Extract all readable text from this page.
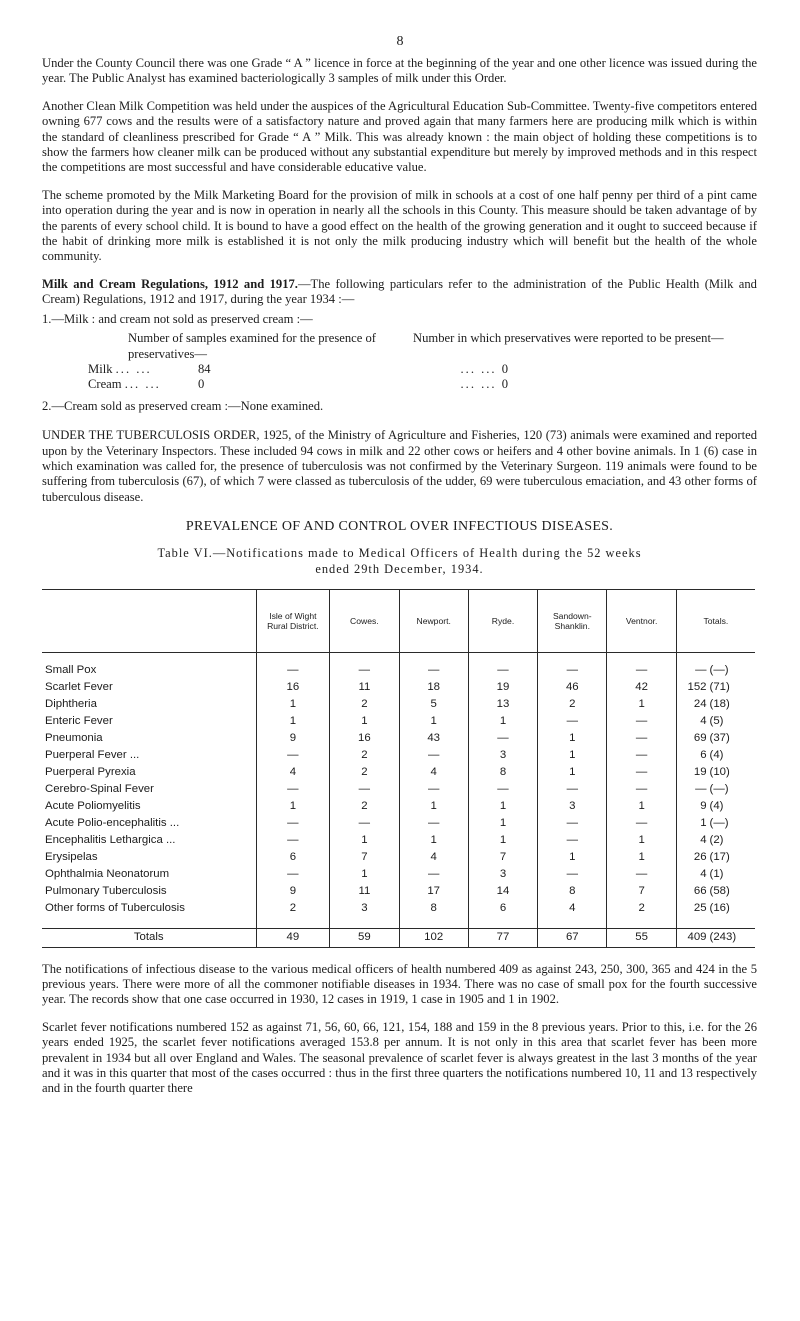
8

Under the County Council there was one Grade “ A ” licence in force at the beginning of the year and one other licence was issued during the year. The Public Analyst has examined bacteriologically 3 samples of milk under this Order.

Another Clean Milk Competition was held under the auspices of the Agricultural Education Sub-Committee. Twenty-five competitors entered owning 677 cows and the results were of a satisfactory nature and proved again that many farmers here are producing milk which is within the standard of cleanliness prescribed for Grade “ A ” Milk. This was already known : the main object of holding these competitions is to show the farmers how cleaner milk can be produced without any substantial expenditure but merely by improved methods and in this respect the competitions are most successful and have considerable educative value.

The scheme promoted by the Milk Marketing Board for the provision of milk in schools at a cost of one half penny per third of a pint came into operation during the year and is now in operation in nearly all the schools in this County. This measure should be taken advantage of by the parents of every school child. It is bound to have a good effect on the health of the growing generation and it ought to succeed because if the habit of drinking more milk is established it is not only the milk producing industry which will benefit but the health of the whole community.

Milk and Cream Regulations, 1912 and 1917.—The following particulars refer to the administration of the Public Health (Milk and Cream) Regulations, 1912 and 1917, during the year 1934 :—

1.—Milk : and cream not sold as preserved cream :—
Number of samples examined for the presence of preservatives—
Number in which preservatives were reported to be present—
Milk ... ...	84	... ... 0
Cream ... ...	0	... ... 0
2.—Cream sold as preserved cream :—None examined.

UNDER THE TUBERCULOSIS ORDER, 1925, of the Ministry of Agriculture and Fisheries, 120 (73) animals were examined and reported upon by the Veterinary Inspectors. These included 94 cows in milk and 22 other cows or heifers and 4 other bovine animals. In 1 (6) case in which examination was called for, the presence of tuberculosis was not confirmed by the Veterinary Surgeon. 119 animals were found to be suffering from tuberculosis (67), of which 7 were classed as tuberculosis of the udder, 69 were tuberculous emaciation, and 43 other forms of tuberculous disease.

PREVALENCE OF AND CONTROL OVER INFECTIOUS DISEASES.
Table VI.—Notifications made to Medical Officers of Health during the 52 weeks
ended 29th December, 1934.
	Isle of Wight Rural District.	Cowes.	Newport.	Ryde.	Sandown-Shanklin.	Ventnor.	Totals.	

Small Pox	—	—	—	—	—	—	—	(—)
Scarlet Fever	16	11	18	19	46	42	152	(71)
Diphtheria	1	2	5	13	2	1	24	(18)
Enteric Fever	1	1	1	1	—	—	4	(5)
Pneumonia	9	16	43	—	1	—	69	(37)
Puerperal Fever ...	—	2	—	3	1	—	6	(4)
Puerperal Pyrexia	4	2	4	8	1	—	19	(10)
Cerebro-Spinal Fever	—	—	—	—	—	—	—	(—)
Acute Poliomyelitis	1	2	1	1	3	1	9	(4)
Acute Polio-encephalitis ...	—	—	—	1	—	—	1	(—)
Encephalitis Lethargica ...	—	1	1	1	—	1	4	(2)
Erysipelas	6	7	4	7	1	1	26	(17)
Ophthalmia Neonatorum	—	1	—	3	—	—	4	(1)
Pulmonary Tuberculosis	9	11	17	14	8	7	66	(58)
Other forms of Tuberculosis	2	3	8	6	4	2	25	(16)

Totals	49	59	102	77	67	55	409	(243)

The notifications of infectious disease to the various medical officers of health numbered 409 as against 243, 250, 300, 365 and 424 in the 5 previous years. There were more of all the commoner notifiable diseases in 1934. There was no case of small pox for the fourth successive year. The records show that one case occurred in 1930, 12 cases in 1919, 1 case in 1905 and 1 in 1902.

Scarlet fever notifications numbered 152 as against 71, 56, 60, 66, 121, 154, 188 and 159 in the 8 previous years. Prior to this, i.e. for the 26 years ended 1925, the scarlet fever notifications averaged 153.8 per annum. It is not only in this area that scarlet fever has been more prevalent in 1934 but all over England and Wales. The seasonal prevalence of scarlet fever is always greatest in the last 3 months of the year and it was in this quarter that most of the cases occurred : thus in the first three quarters the notifications numbered 10, 11 and 13 respectively and in the fourth quarter there
